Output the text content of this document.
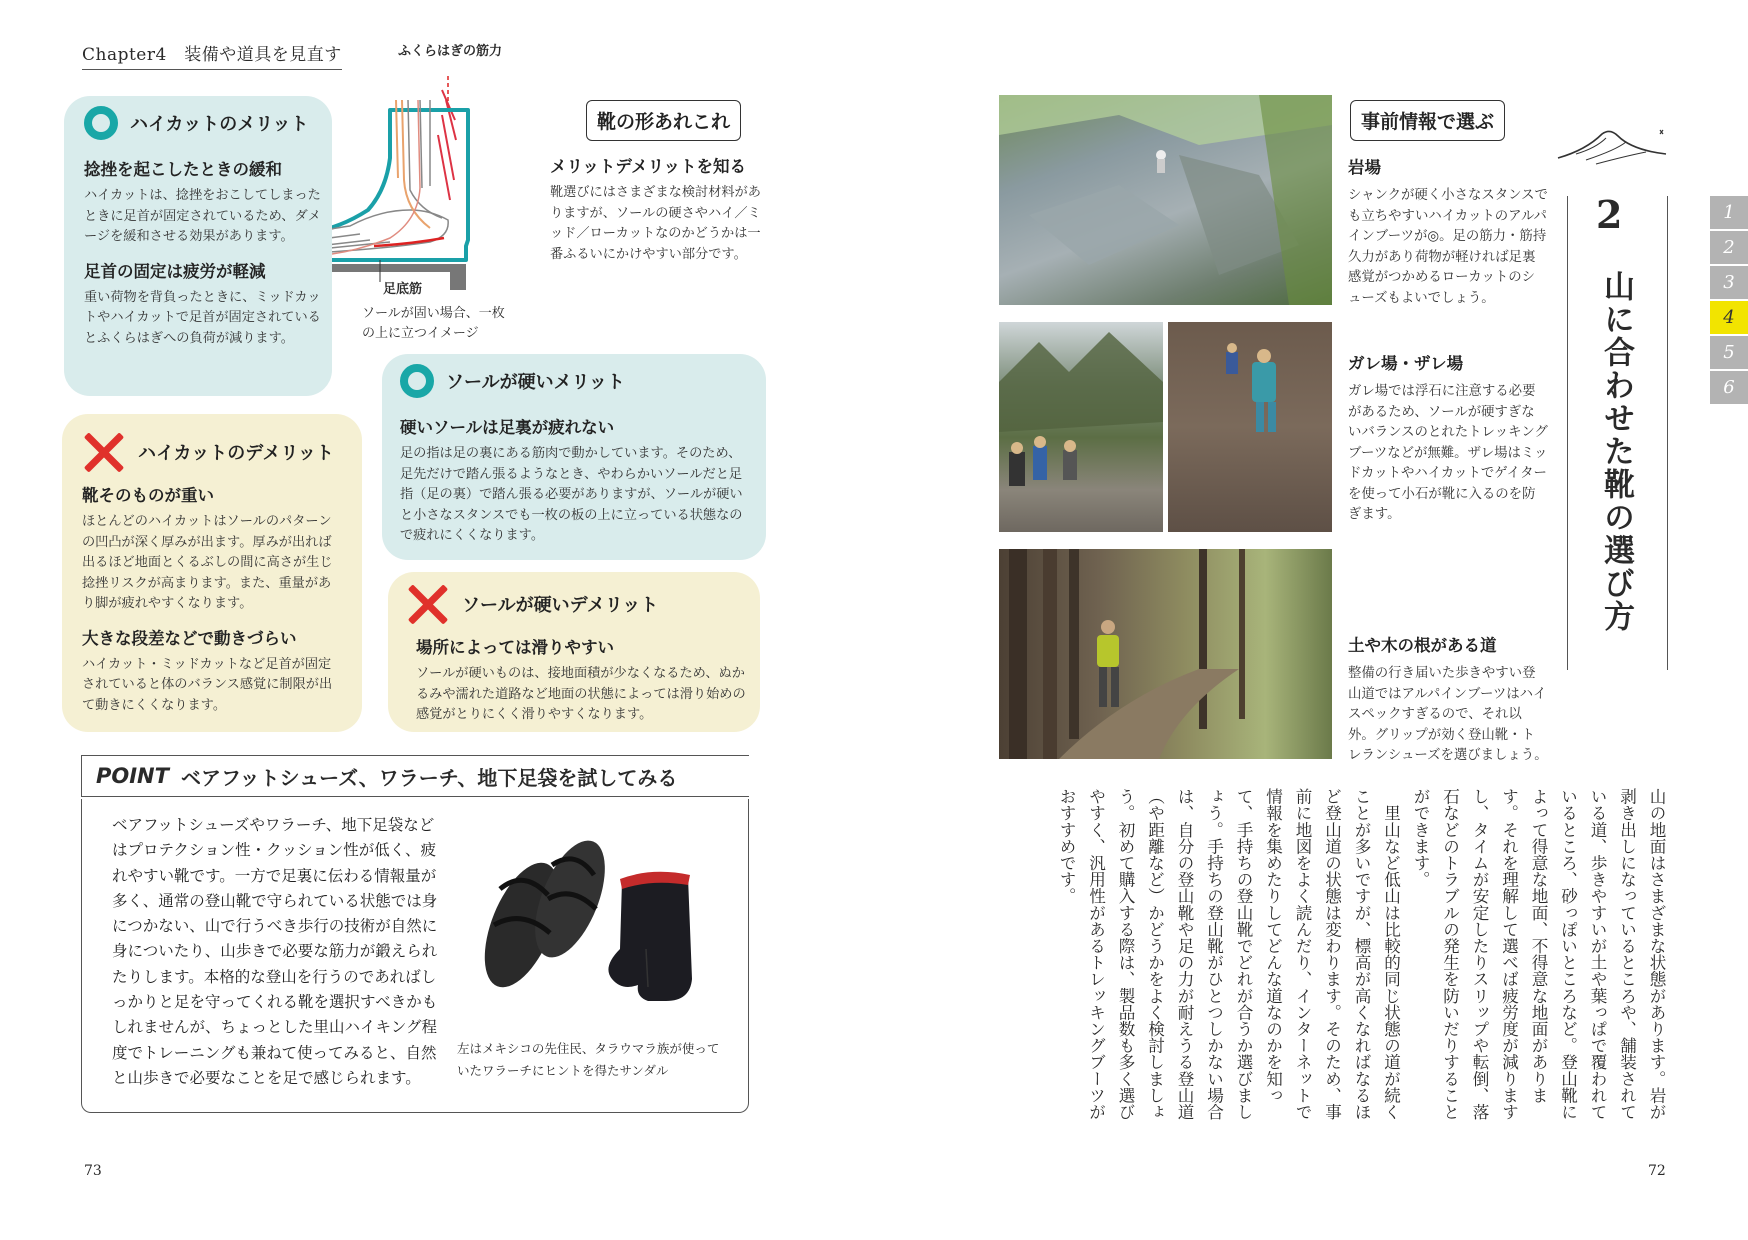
Chapter4　装備や道具を見直す	ふくらはぎの筋力
足底筋
ソールが固い場合、一枚
の上に立つイメージ
靴の形あれこれ

メリットデメリットを知る

靴選びにはさまざまな検討材料がありますが、ソールの硬さやハイ／ミッド／ローカットなのかどうかは一番ふるいにかけやすい部分です。

ハイカットのメリット

捻挫を起こしたときの緩和

ハイカットは、捻挫をおこしてしまったときに足首が固定されているため、ダメージを緩和させる効果があります。

足首の固定は疲労が軽減

重い荷物を背負ったときに、ミッドカットやハイカットで足首が固定されているとふくらはぎへの負荷が減ります。

ハイカットのデメリット

靴そのものが重い

ほとんどのハイカットはソールのパターンの凹凸が深く厚みが出ます。厚みが出れば出るほど地面とくるぶしの間に高さが生じ捻挫リスクが高まります。また、重量があり脚が疲れやすくなります。

大きな段差などで動きづらい

ハイカット・ミッドカットなど足首が固定されていると体のバランス感覚に制限が出て動きにくくなります。

ソールが硬いメリット

硬いソールは足裏が疲れない

足の指は足の裏にある筋肉で動かしています。そのため、足先だけで踏ん張るようなとき、やわらかいソールだと足指（足の裏）で踏ん張る必要がありますが、ソールが硬いと小さなスタンスでも一枚の板の上に立っている状態なので疲れにくくなります。

ソールが硬いデメリット

場所によっては滑りやすい

ソールが硬いものは、接地面積が少なくなるため、ぬかるみや濡れた道路など地面の状態によっては滑り始めの感覚がとりにくく滑りやすくなります。

POINT ベアフットシューズ、ワラーチ、地下足袋を試してみる

ベアフットシューズやワラーチ、地下足袋などはプロテクション性・クッション性が低く、疲れやすい靴です。一方で足裏に伝わる情報量が多く、通常の登山靴で守られている状態では身につかない、山で行うべき歩行の技術が自然に身についたり、山歩きで必要な筋力が鍛えられたりします。本格的な登山を行うのであればしっかりと足を守ってくれる靴を選択すべきかもしれませんが、ちょっとした里山ハイキング程度でトレーニングも兼ねて使ってみると、自然と山歩きで必要なことを足で感じられます。

左はメキシコの先住民、タラウマラ族が使って
いたワラーチにヒントを得たサンダル
73
事前情報で選ぶ

岩場

シャンクが硬く小さなスタンスでも立ちやすいハイカットのアルパインブーツが◎。足の筋力・筋持久力があり荷物が軽ければ足裏感覚がつかめるローカットのシューズもよいでしょう。

ガレ場・ザレ場

ガレ場では浮石に注意する必要があるため、ソールが硬すぎないバランスのとれたトレッキングブーツなどが無難。ザレ場はミッドカットやハイカットでゲイターを使って小石が靴に入るのを防ぎます。

土や木の根がある道

整備の行き届いた歩きやすい登山道ではアルパインブーツはハイスペックすぎるので、それ以外。グリップが効く登山靴・トレランシューズを選びましょう。

2
山に合わせた靴の選び方
山の地面はさまざまな状態があります。岩が剥き出しになっているところや、舗装されている道、歩きやすいが土や葉っぱで覆われているところ、砂っぽいところなど。登山靴によって得意な地面、不得意な地面があります。それを理解して選べば疲労度が減りますし、タイムが安定したりスリップや転倒、落石などのトラブルの発生を防いだりすることができます。
　里山など低山は比較的同じ状態の道が続くことが多いですが、標高が高くなればなるほど登山道の状態は変わります。そのため、事前に地図をよく読んだり、インターネットで情報を集めたりしてどんな道なのかを知って、手持ちの登山靴でどれが合うか選びましょう。手持ちの登山靴がひとつしかない場合は、自分の登山靴や足の力が耐えうる登山道（や距離など）かどうかをよく検討しましょう。初めて購入する際は、製品数も多く選びやすく、汎用性があるトレッキングブーツがおすすめです。
1
2
3
4
5
6
72
